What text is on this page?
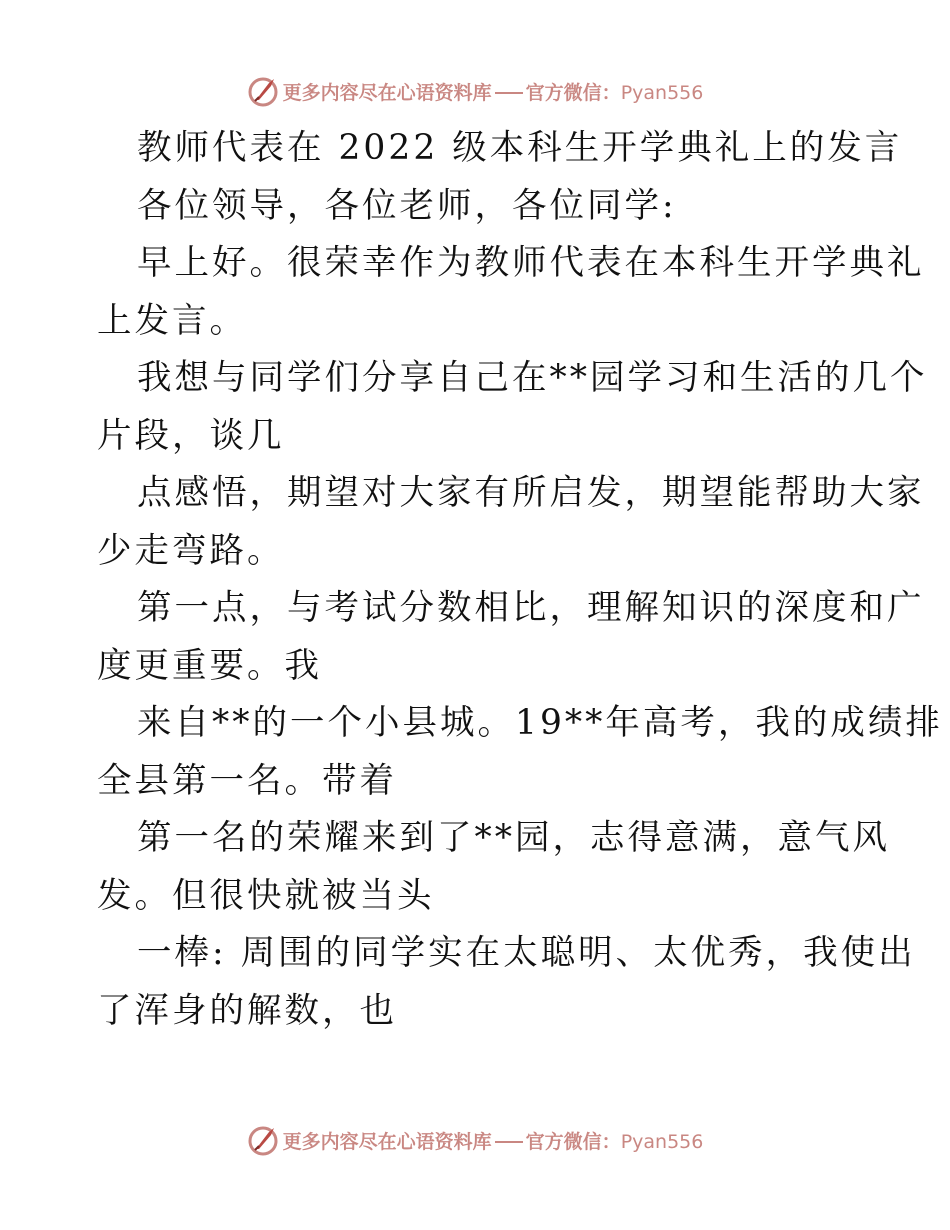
更多内容尽在心语资料库 官方微信：Pyan556

教师代表在 2022 级本科生开学典礼上的发言

各位领导，各位老师，各位同学:

早上好。很荣幸作为教师代表在本科生开学典礼

上发言。

我想与同学们分享自己在**园学习和生活的几个

片段，谈几

点感悟，期望对大家有所启发，期望能帮助大家

少走弯路。

第一点，与考试分数相比，理解知识的深度和广

度更重要。我

来自**的一个小县城。19**年高考，我的成绩排

全县第一名。带着

第一名的荣耀来到了**园，志得意满，意气风

发。但很快就被当头

一棒: 周围的同学实在太聪明、太优秀，我使出

了浑身的解数，也

更多内容尽在心语资料库 官方微信：Pyan556
